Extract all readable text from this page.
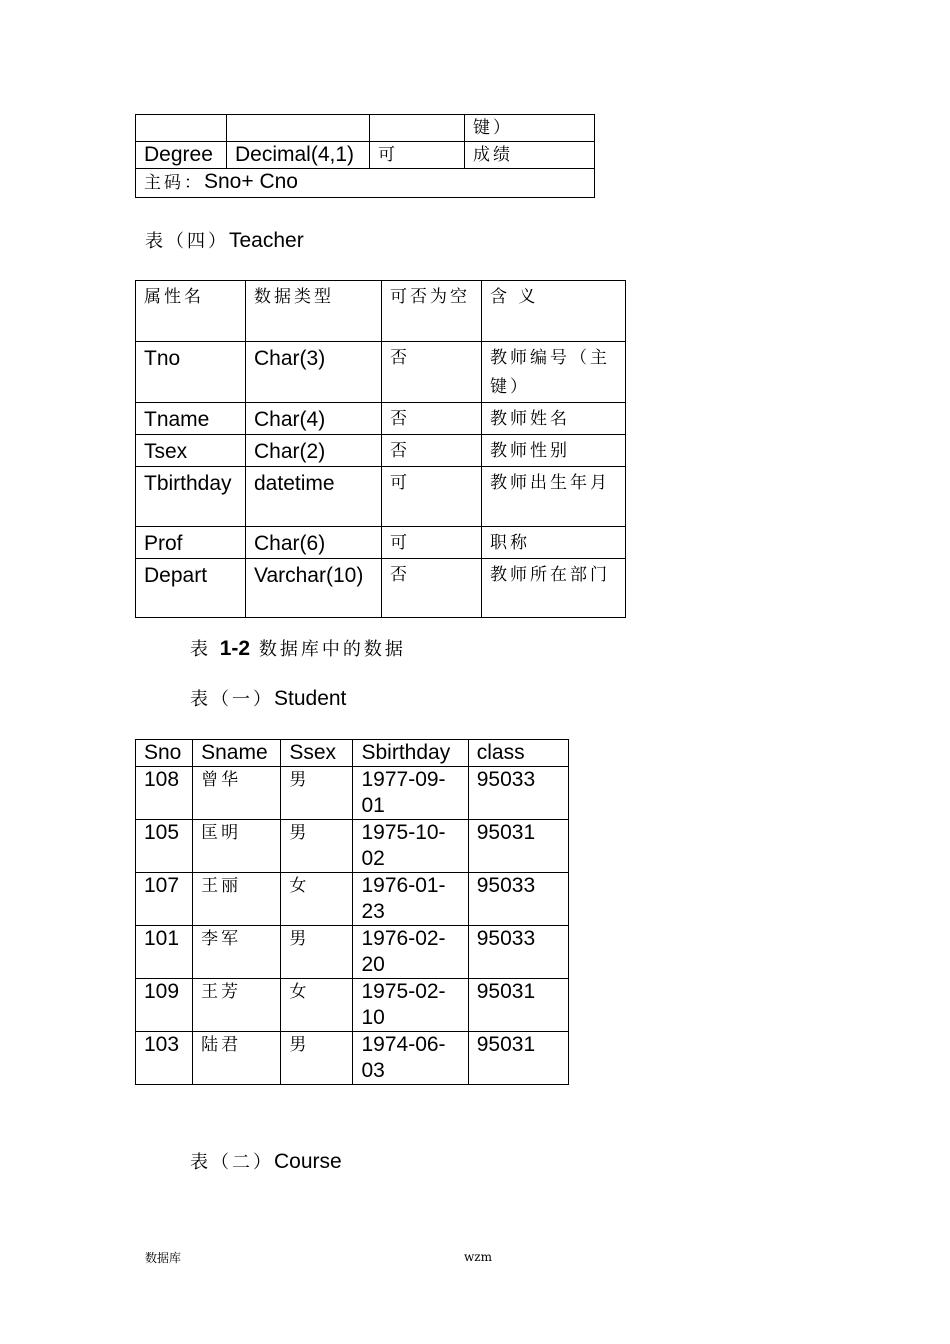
			键）
Degree	Decimal(4,1)	可	成绩
主码：Sno+ Cno			
表（四）Teacher
属性名	数据类型	可否为空	含 义
Tno	Char(3)	否	教师编号（主键）
Tname	Char(4)	否	教师姓名
Tsex	Char(2)	否	教师性别
Tbirthday	datetime	可	教师出生年月
Prof	Char(6)	可	职称
Depart	Varchar(10)	否	教师所在部门
表 1-2 数据库中的数据
表（一）Student
Sno	Sname	Ssex	Sbirthday	class
108	曾华	男	1977-09-01	95033
105	匡明	男	1975-10-02	95031
107	王丽	女	1976-01-23	95033
101	李军	男	1976-02-20	95033
109	王芳	女	1975-02-10	95031
103	陆君	男	1974-06-03	95031
表（二）Course
数据库	wzm
